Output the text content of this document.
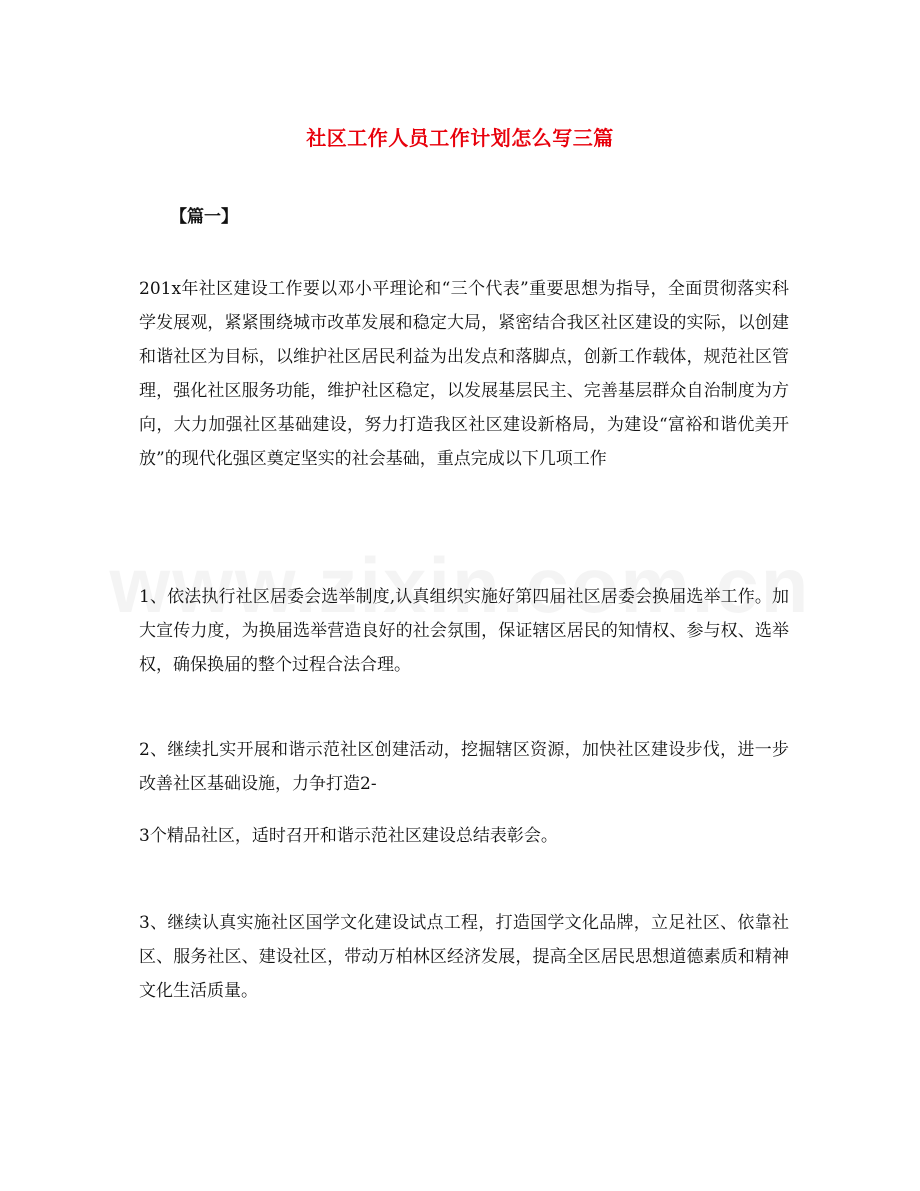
社区工作人员工作计划怎么写三篇
【篇一】
201x年社区建设工作要以邓小平理论和“三个代表”重要思想为指导，全面贯彻落实科学发展观，紧紧围绕城市改革发展和稳定大局，紧密结合我区社区建设的实际，以创建和谐社区为目标，以维护社区居民利益为出发点和落脚点，创新工作载体，规范社区管理，强化社区服务功能，维护社区稳定，以发展基层民主、完善基层群众自治制度为方向，大力加强社区基础建设，努力打造我区社区建设新格局，为建设“富裕和谐优美开放”的现代化强区奠定坚实的社会基础，重点完成以下几项工作
1、依法执行社区居委会选举制度,认真组织实施好第四届社区居委会换届选举工作。加大宣传力度，为换届选举营造良好的社会氛围，保证辖区居民的知情权、参与权、选举权，确保换届的整个过程合法合理。
2、继续扎实开展和谐示范社区创建活动，挖掘辖区资源，加快社区建设步伐，进一步改善社区基础设施，力争打造2-
3个精品社区，适时召开和谐示范社区建设总结表彰会。
3、继续认真实施社区国学文化建设试点工程，打造国学文化品牌，立足社区、依靠社区、服务社区、建设社区，带动万柏林区经济发展，提高全区居民思想道德素质和精神文化生活质量。
